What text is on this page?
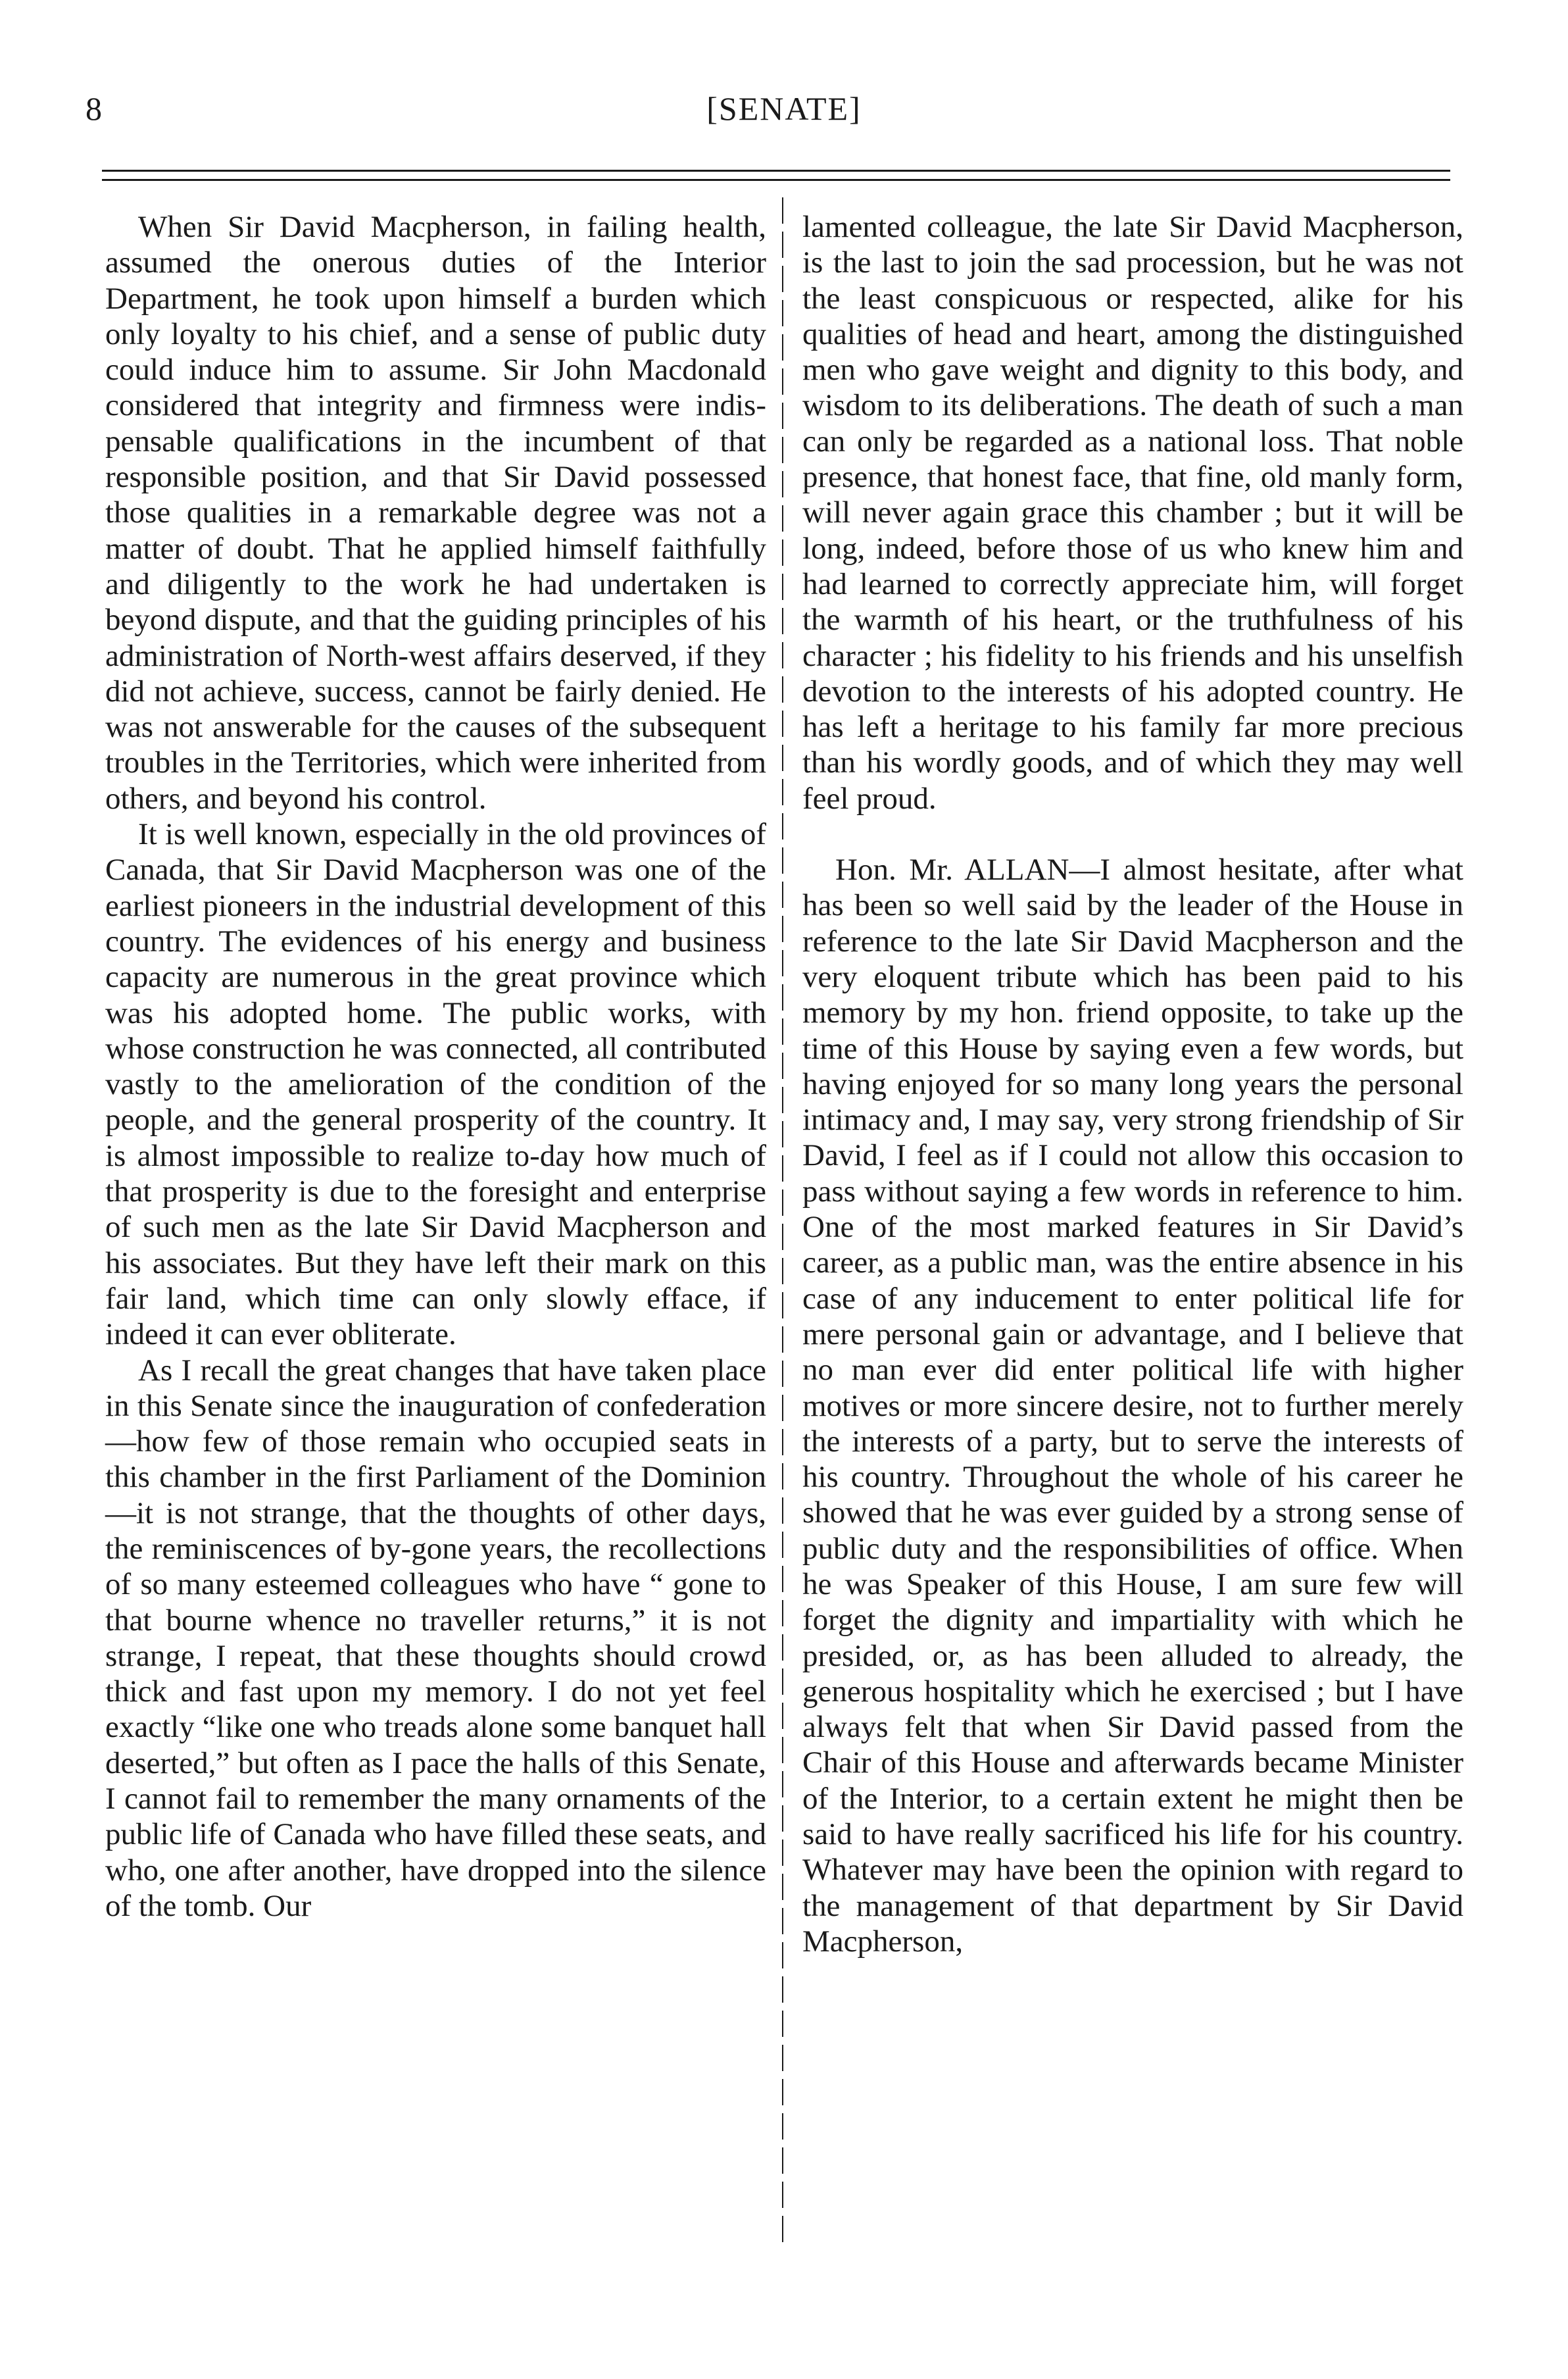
8	[SENATE]

When Sir David Macpherson, in failing health, assumed the onerous duties of the Interior Department, he took upon himself a burden which only loyalty to his chief, and a sense of public duty could induce him to assume. Sir John Macdonald considered that integrity and firmness were indispensable qualifications in the incumbent of that responsible position, and that Sir David possessed those qualities in a remarkable degree was not a matter of doubt. That he applied himself faithfully and diligently to the work he had undertaken is beyond dispute, and that the guiding principles of his administration of North-west affairs deserved, if they did not achieve, success, cannot be fairly denied. He was not answerable for the causes of the subsequent troubles in the Territories, which were inherited from others, and beyond his control.

It is well known, especially in the old provinces of Canada, that Sir David Macpherson was one of the earliest pioneers in the industrial development of this country. The evidences of his energy and business capacity are numerous in the great province which was his adopted home. The public works, with whose construction he was connected, all contributed vastly to the amelioration of the condition of the people, and the general prosperity of the country. It is almost impossible to realize to-day how much of that prosperity is due to the foresight and enterprise of such men as the late Sir David Macpherson and his associates. But they have left their mark on this fair land, which time can only slowly efface, if indeed it can ever obliterate.

As I recall the great changes that have taken place in this Senate since the inauguration of confederation—how few of those remain who occupied seats in this chamber in the first Parliament of the Dominion—it is not strange, that the thoughts of other days, the reminiscences of by-gone years, the recollections of so many esteemed colleagues who have “ gone to that bourne whence no traveller returns,” it is not strange, I repeat, that these thoughts should crowd thick and fast upon my memory. I do not yet feel exactly “like one who treads alone some banquet hall deserted,” but often as I pace the halls of this Senate, I cannot fail to remember the many ornaments of the public life of Canada who have filled these seats, and who, one after another, have dropped into the silence of the tomb. Our

lamented colleague, the late Sir David Macpherson, is the last to join the sad procession, but he was not the least conspicuous or respected, alike for his qualities of head and heart, among the distinguished men who gave weight and dignity to this body, and wisdom to its deliberations. The death of such a man can only be regarded as a national loss. That noble presence, that honest face, that fine, old manly form, will never again grace this chamber ; but it will be long, indeed, before those of us who knew him and had learned to correctly appreciate him, will forget the warmth of his heart, or the truthfulness of his character ; his fidelity to his friends and his unselfish devotion to the interests of his adopted country. He has left a heritage to his family far more precious than his wordly goods, and of which they may well feel proud.

Hon. Mr. ALLAN—I almost hesitate, after what has been so well said by the leader of the House in reference to the late Sir David Macpherson and the very eloquent tribute which has been paid to his memory by my hon. friend opposite, to take up the time of this House by saying even a few words, but having enjoyed for so many long years the personal intimacy and, I may say, very strong friendship of Sir David, I feel as if I could not allow this occasion to pass without saying a few words in reference to him. One of the most marked features in Sir David’s career, as a public man, was the entire absence in his case of any inducement to enter political life for mere personal gain or advantage, and I believe that no man ever did enter political life with higher motives or more sincere desire, not to further merely the interests of a party, but to serve the interests of his country. Throughout the whole of his career he showed that he was ever guided by a strong sense of public duty and the responsibilities of office. When he was Speaker of this House, I am sure few will forget the dignity and impartiality with which he presided, or, as has been alluded to already, the generous hospitality which he exercised ; but I have always felt that when Sir David passed from the Chair of this House and afterwards became Minister of the Interior, to a certain extent he might then be said to have really sacrificed his life for his country. Whatever may have been the opinion with regard to the management of that department by Sir David Macpherson,
